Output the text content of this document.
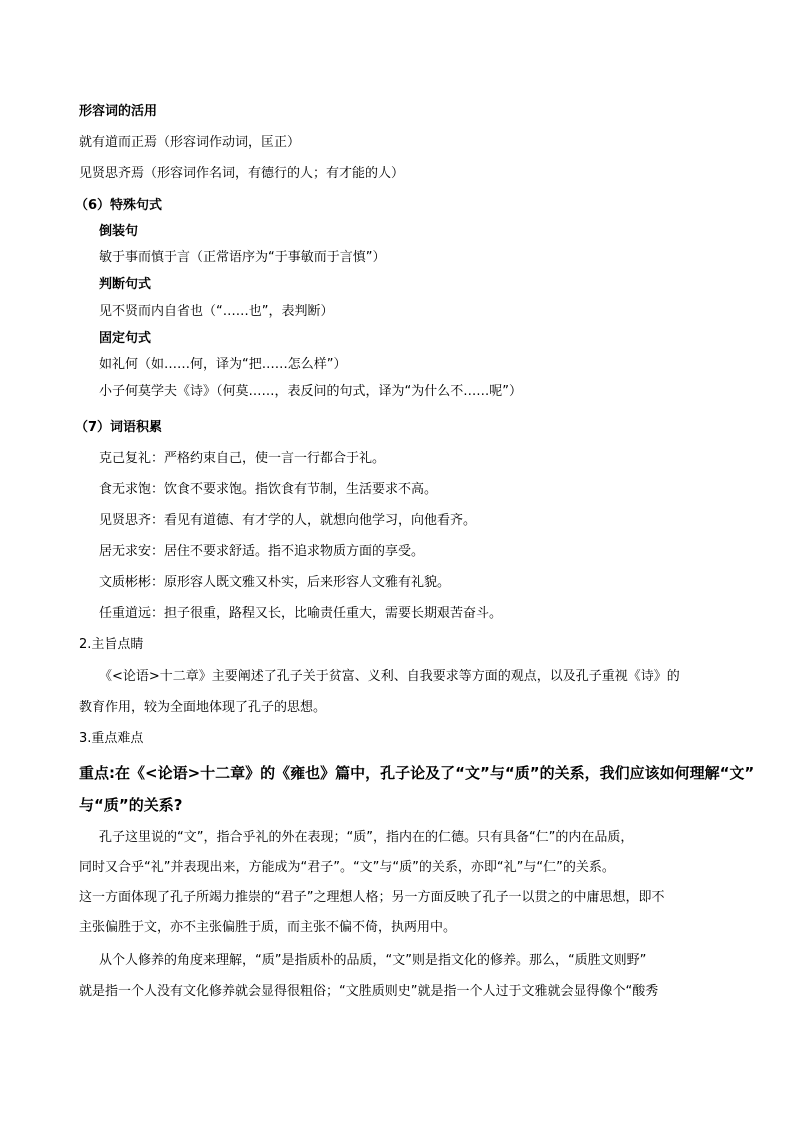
形容词的活用
就有道而正焉（形容词作动词，匡正）
见贤思齐焉（形容词作名词，有德行的人；有才能的人）
（6）特殊句式
倒装句
敏于事而慎于言（正常语序为“于事敏而于言慎”）
判断句式
见不贤而内自省也（“……也”，表判断）
固定句式
如礼何（如……何，译为“把……怎么样”）
小子何莫学夫《诗》（何莫……，表反问的句式，译为“为什么不……呢”）
（7）词语积累
克己复礼：严格约束自己，使一言一行都合于礼。
食无求饱：饮食不要求饱。指饮食有节制，生活要求不高。
见贤思齐：看见有道德、有才学的人，就想向他学习，向他看齐。
居无求安：居住不要求舒适。指不追求物质方面的享受。
文质彬彬：原形容人既文雅又朴实，后来形容人文雅有礼貌。
任重道远：担子很重，路程又长，比喻责任重大，需要长期艰苦奋斗。
2.主旨点睛
《<论语>十二章》主要阐述了孔子关于贫富、义利、自我要求等方面的观点，以及孔子重视《诗》的
教育作用，较为全面地体现了孔子的思想。
3.重点难点
重点:在《<论语>十二章》的《雍也》篇中，孔子论及了“文”与“质”的关系，我们应该如何理解“文”
与“质”的关系?
孔子这里说的“文”，指合乎礼的外在表现；“质”，指内在的仁德。只有具备“仁”的内在品质，
同时又合乎“礼”并表现出来，方能成为“君子”。“文”与“质”的关系，亦即“礼”与“仁”的关系。
这一方面体现了孔子所竭力推崇的“君子”之理想人格；另一方面反映了孔子一以贯之的中庸思想，即不
主张偏胜于文，亦不主张偏胜于质，而主张不偏不倚，执两用中。
从个人修养的角度来理解，“质”是指质朴的品质，“文”则是指文化的修养。那么，“质胜文则野”
就是指一个人没有文化修养就会显得很粗俗；“文胜质则史”就是指一个人过于文雅就会显得像个“酸秀
